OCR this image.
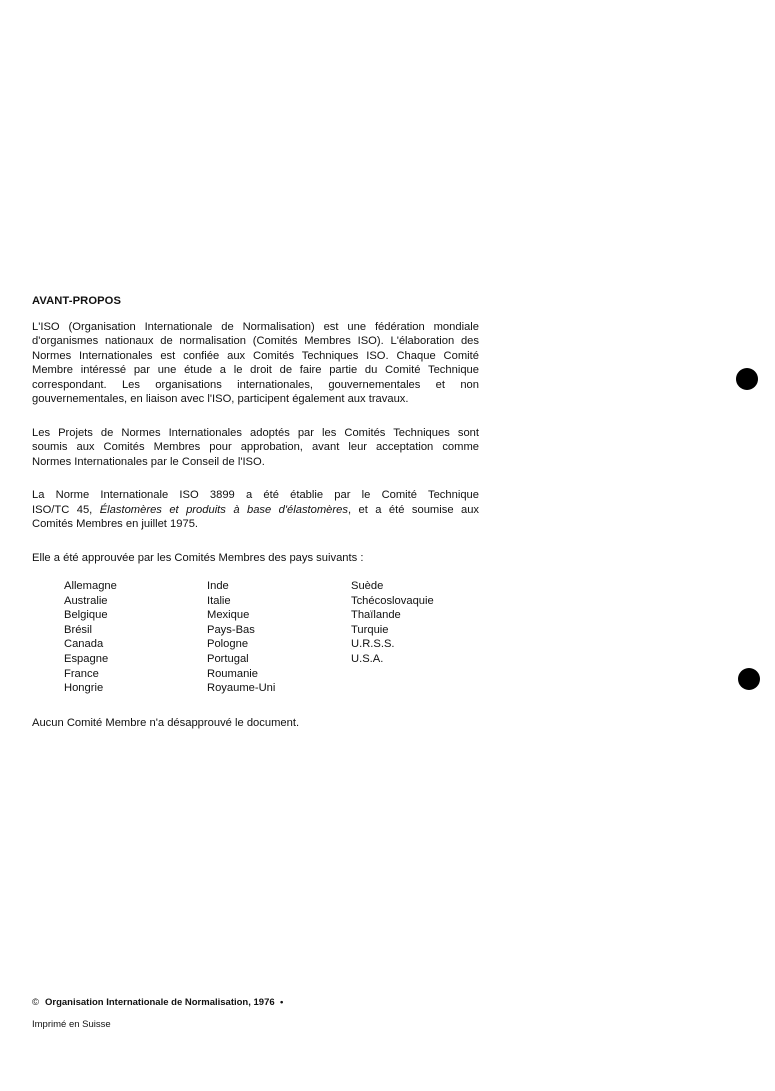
AVANT-PROPOS
L'ISO (Organisation Internationale de Normalisation) est une fédération mondiale
d'organismes nationaux de normalisation (Comités Membres ISO). L'élaboration des
Normes Internationales est confiée aux Comités Techniques ISO. Chaque Comité
Membre intéressé par une étude a le droit de faire partie du Comité Technique
correspondant. Les organisations internationales, gouvernementales et non
gouvernementales, en liaison avec l'ISO, participent également aux travaux.
Les Projets de Normes Internationales adoptés par les Comités Techniques sont
soumis aux Comités Membres pour approbation, avant leur acceptation comme
Normes Internationales par le Conseil de l'ISO.
La Norme Internationale ISO 3899 a été établie par le Comité Technique
ISO/TC 45, Élastomères et produits à base d'élastomères, et a été soumise aux
Comités Membres en juillet 1975.
Elle a été approuvée par les Comités Membres des pays suivants :
Allemagne
Australie
Belgique
Brésil
Canada
Espagne
France
Hongrie
Inde
Italie
Mexique
Pays-Bas
Pologne
Portugal
Roumanie
Royaume-Uni
Suède
Tchécoslovaquie
Thaïlande
Turquie
U.R.S.S.
U.S.A.
Aucun Comité Membre n'a désapprouvé le document.
© Organisation Internationale de Normalisation, 1976 •
Imprimé en Suisse
